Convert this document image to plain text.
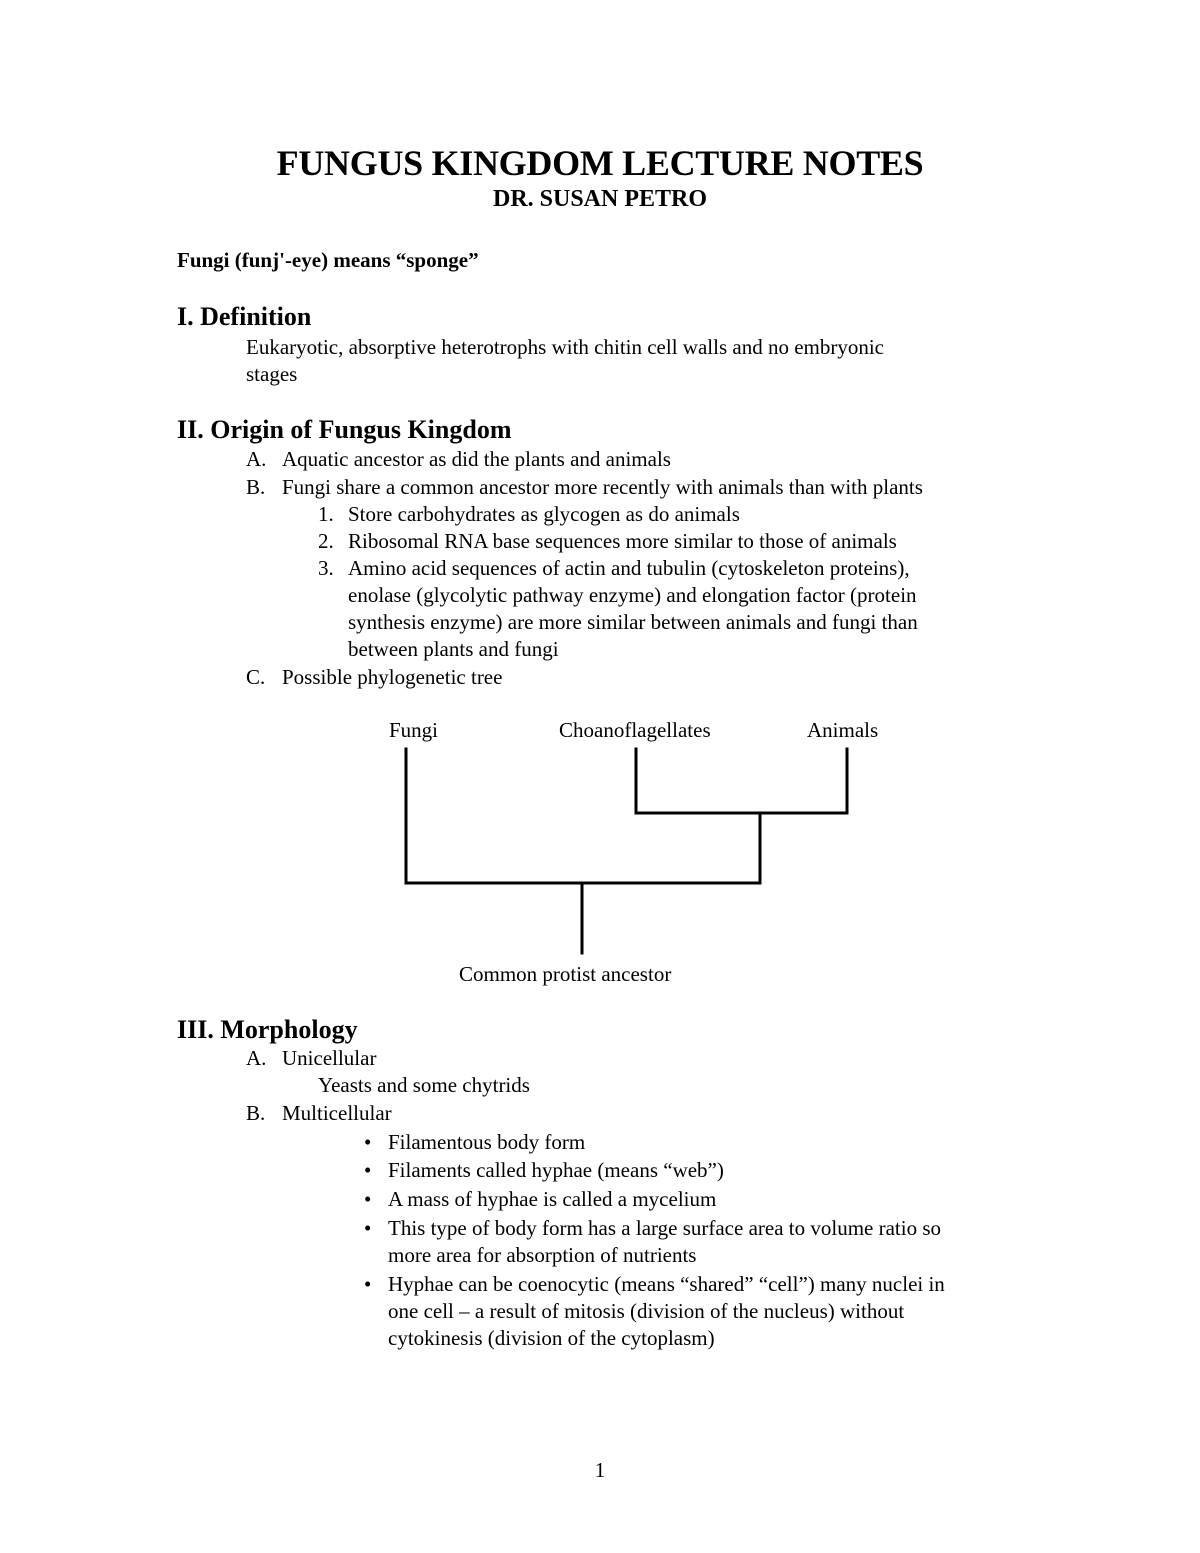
FUNGUS KINGDOM LECTURE NOTES
DR. SUSAN PETRO
Fungi (funj'-eye) means “sponge”
I. Definition
Eukaryotic, absorptive heterotrophs with chitin cell walls and no embryonic
stages
II. Origin of Fungus Kingdom
A. Aquatic ancestor as did the plants and animals
B. Fungi share a common ancestor more recently with animals than with plants
1. Store carbohydrates as glycogen as do animals
2. Ribosomal RNA base sequences more similar to those of animals
3. Amino acid sequences of actin and tubulin (cytoskeleton proteins),
enolase (glycolytic pathway enzyme) and elongation factor (protein
synthesis enzyme) are more similar between animals and fungi than
between plants and fungi
C. Possible phylogenetic tree
Fungi	Choanoflagellates	Animals
Common protist ancestor
III. Morphology
A. Unicellular
Yeasts and some chytrids
B. Multicellular
• Filamentous body form
• Filaments called hyphae (means “web”)
• A mass of hyphae is called a mycelium
• This type of body form has a large surface area to volume ratio so
more area for absorption of nutrients
• Hyphae can be coenocytic (means “shared” “cell”) many nuclei in
one cell – a result of mitosis (division of the nucleus) without
cytokinesis (division of the cytoplasm)
1
